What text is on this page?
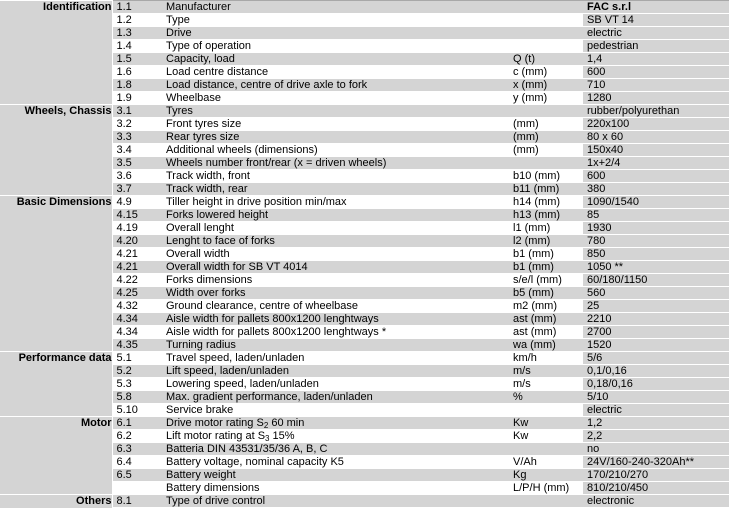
Identification	1.1	Manufacturer		FAC s.r.l
	1.2	Type		SB VT 14
	1.3	Drive		electric
	1.4	Type of operation		pedestrian
	1.5	Capacity, load	Q (t)	1,4
	1.6	Load centre distance	c (mm)	600
	1.8	Load distance, centre of drive axle to fork	x (mm)	710
	1.9	Wheelbase	y (mm)	1280
Wheels, Chassis	3.1	Tyres		rubber/polyurethan
	3.2	Front tyres size	(mm)	220x100
	3.3	Rear tyres size	(mm)	80 x 60
	3.4	Additional wheels (dimensions)	(mm)	150x40
	3.5	Wheels number front/rear (x = driven wheels)		1x+2/4
	3.6	Track width, front	b10 (mm)	600
	3.7	Track width, rear	b11 (mm)	380
Basic Dimensions	4.9	Tiller height in drive position min/max	h14 (mm)	1090/1540
	4.15	Forks lowered height	h13 (mm)	85
	4.19	Overall lenght	l1 (mm)	1930
	4.20	Lenght to face of forks	l2 (mm)	780
	4.21	Overall width	b1 (mm)	850
	4.21	Overall width for SB VT 4014	b1 (mm)	1050 **
	4.22	Forks dimensions	s/e/l (mm)	60/180/1150
	4.25	Width over forks	b5 (mm)	560
	4.32	Ground clearance, centre of wheelbase	m2 (mm)	25
	4.34	Aisle width for pallets 800x1200 lenghtways	ast (mm)	2210
	4.34	Aisle width for pallets 800x1200 lenghtways *	ast (mm)	2700
	4.35	Turning radius	wa (mm)	1520
Performance data	5.1	Travel speed, laden/unladen	km/h	5/6
	5.2	Lift speed, laden/unladen	m/s	0,1/0,16
	5.3	Lowering speed, laden/unladen	m/s	0,18/0,16
	5.8	Max. gradient performance, laden/unladen	%	5/10
	5.10	Service brake		electric
Motor	6.1	Drive motor rating $S_2$ 60 min	Kw	1,2
	6.2	Lift motor rating at $S_3$ 15%	Kw	2,2
	6.3	Batteria DIN 43531/35/36 A, B, C		no
	6.4	Battery voltage, nominal capacity K5	V/Ah	24V/160-240-320Ah**
	6.5	Battery weight	Kg	170/210/270
		Battery dimensions	L/P/H (mm)	810/210/450
Others	8.1	Type of drive control		electronic
